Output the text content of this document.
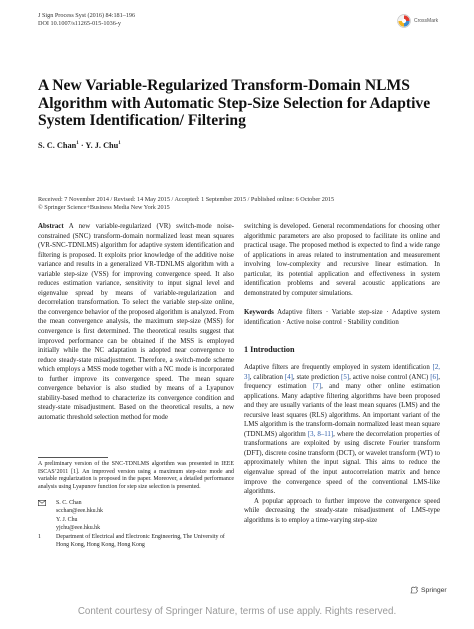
J Sign Process Syst (2016) 84:181–196
DOI 10.1007/s11265-015-1036-y	CrossMark
A New Variable-Regularized Transform-Domain NLMS Algorithm with Automatic Step-Size Selection for Adaptive System Identification/ Filtering
S. C. Chan$^1$ · Y. J. Chu$^1$
Received: 7 November 2014 / Revised: 14 May 2015 / Accepted: 1 September 2015 / Published online: 6 October 2015
© Springer Science+Business Media New York 2015
Abstract A new variable-regularized (VR) switch-mode noise-constrained (SNC) transform-domain normalized least mean squares (VR-SNC-TDNLMS) algorithm for adaptive system identification and filtering is proposed. It exploits prior knowledge of the additive noise variance and results in a generalized VR-TDNLMS algorithm with a variable step-size (VSS) for improving convergence speed. It also reduces estimation variance, sensitivity to input signal level and eigenvalue spread by means of variable-regularization and decorrelation transformation. To select the variable step-size online, the convergence behavior of the proposed algorithm is analyzed. From the mean convergence analysis, the maximum step-size (MSS) for convergence is first determined. The theoretical results suggest that improved performance can be obtained if the MSS is employed initially while the NC adaptation is adopted near convergence to reduce steady-state misadjustment. Therefore, a switch-mode scheme which employs a MSS mode together with a NC mode is incorporated to further improve its convergence speed. The mean square convergence behavior is also studied by means of a Lyapunov stability-based method to characterize its convergence condition and steady-state misadjustment. Based on the theoretical results, a new automatic threshold selection method for mode
switching is developed. General recommendations for choosing other algorithmic parameters are also proposed to facilitate its online and practical usage. The proposed method is expected to find a wide range of applications in areas related to instrumentation and measurement involving low-complexity and recursive linear estimation. In particular, its potential application and effectiveness in system identification problems and several acoustic applications are demonstrated by computer simulations.
Keywords Adaptive filters · Variable step-size · Adaptive system identification · Active noise control · Stability condition
1 Introduction
Adaptive filters are frequently employed in system identification [2, 3], calibration [4], state prediction [5], active noise control (ANC) [6], frequency estimation [7], and many other online estimation applications. Many adaptive filtering algorithms have been proposed and they are usually variants of the least mean squares (LMS) and the recursive least squares (RLS) algorithms. An important variant of the LMS algorithm is the transform-domain normalized least mean square (TDNLMS) algorithm [3, 8–11], where the decorrelation properties of transformations are exploited by using discrete Fourier transform (DFT), discrete cosine transform (DCT), or wavelet transform (WT) to approximately whiten the input signal. This aims to reduce the eigenvalue spread of the input autocorrelation matrix and hence improve the convergence speed of the conventional LMS-like algorithms.
A popular approach to further improve the convergence speed while decreasing the steady-state misadjustment of LMS-type algorithms is to employ a time-varying step-size
A preliminary version of the SNC-TDNLMS algorithm was presented in IEEE ISCAS’2011 [1]. An improved version using a maximum step-size mode and variable regularization is proposed in the paper. Moreover, a detailed performance analysis using Lyapunov function for step size selection is presented.
S. C. Chan
scchan@eee.hku.hk
Y. J. Chu
yjchu@eee.hku.hk
1	Department of Electrical and Electronic Engineering, The University of Hong Kong, Hong Kong, Hong Kong
Springer
Content courtesy of Springer Nature, terms of use apply. Rights reserved.
